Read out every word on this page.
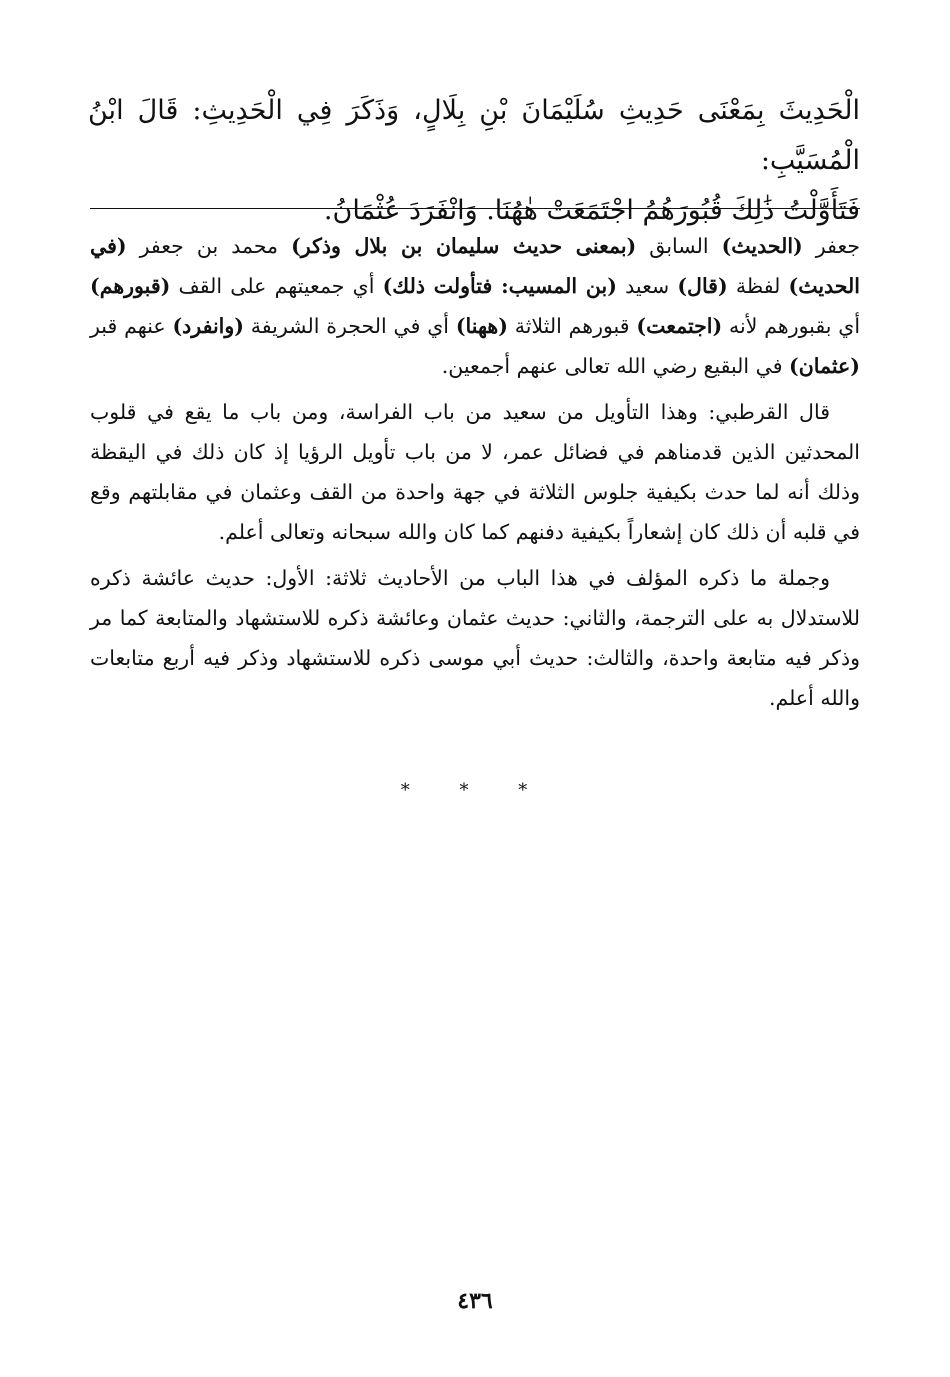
الْحَدِيثَ بِمَعْنَى حَدِيثِ سُلَيْمَانَ بْنِ بِلَالٍ، وَذَكَرَ فِي الْحَدِيثِ: قَالَ ابْنُ الْمُسَيَّبِ:

فَتَأَوَّلْتُ ذَٰلِكَ قُبُورَهُمُ اجْتَمَعَتْ هٰهُنَا. وَانْفَرَدَ عُثْمَانُ.

جعفر (الحديث) السابق (بمعنى حديث سليمان بن بلال وذكر) محمد بن جعفر (في الحديث) لفظة (قال) سعيد (بن المسيب: فتأولت ذلك) أي جمعيتهم على القف (قبورهم) أي بقبورهم لأنه (اجتمعت) قبورهم الثلاثة (ههنا) أي في الحجرة الشريفة (وانفرد) عنهم قبر (عثمان) في البقيع رضي الله تعالى عنهم أجمعين.

قال القرطبي: وهذا التأويل من سعيد من باب الفراسة، ومن باب ما يقع في قلوب المحدثين الذين قدمناهم في فضائل عمر، لا من باب تأويل الرؤيا إذ كان ذلك في اليقظة وذلك أنه لما حدث بكيفية جلوس الثلاثة في جهة واحدة من القف وعثمان في مقابلتهم وقع في قلبه أن ذلك كان إشعاراً بكيفية دفنهم كما كان والله سبحانه وتعالى أعلم.

وجملة ما ذكره المؤلف في هذا الباب من الأحاديث ثلاثة: الأول: حديث عائشة ذكره للاستدلال به على الترجمة، والثاني: حديث عثمان وعائشة ذكره للاستشهاد والمتابعة كما مر وذكر فيه متابعة واحدة، والثالث: حديث أبي موسى ذكره للاستشهاد وذكر فيه أربع متابعات والله أعلم.

* * *
٤٣٦
